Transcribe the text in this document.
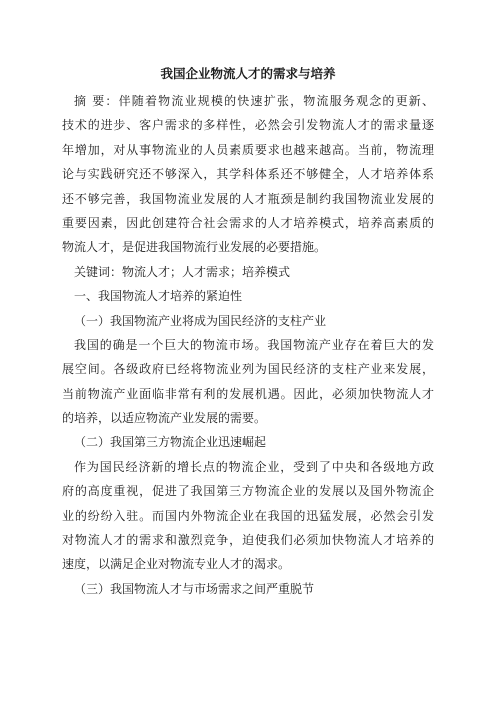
我国企业物流人才的需求与培养
摘 要：伴随着物流业规模的快速扩张，物流服务观念的更新、
技术的进步、客户需求的多样性，必然会引发物流人才的需求量逐
年增加，对从事物流业的人员素质要求也越来越高。当前，物流理
论与实践研究还不够深入，其学科体系还不够健全，人才培养体系
还不够完善，我国物流业发展的人才瓶颈是制约我国物流业发展的
重要因素，因此创建符合社会需求的人才培养模式，培养高素质的
物流人才，是促进我国物流行业发展的必要措施。
关键词：物流人才；人才需求；培养模式
一、我国物流人才培养的紧迫性
（一）我国物流产业将成为国民经济的支柱产业
我国的确是一个巨大的物流市场。我国物流产业存在着巨大的发
展空间。各级政府已经将物流业列为国民经济的支柱产业来发展，
当前物流产业面临非常有利的发展机遇。因此，必须加快物流人才
的培养，以适应物流产业发展的需要。
（二）我国第三方物流企业迅速崛起
作为国民经济新的增长点的物流企业，受到了中央和各级地方政
府的高度重视，促进了我国第三方物流企业的发展以及国外物流企
业的纷纷入驻。而国内外物流企业在我国的迅猛发展，必然会引发
对物流人才的需求和激烈竞争，迫使我们必须加快物流人才培养的
速度，以满足企业对物流专业人才的渴求。
（三）我国物流人才与市场需求之间严重脱节
